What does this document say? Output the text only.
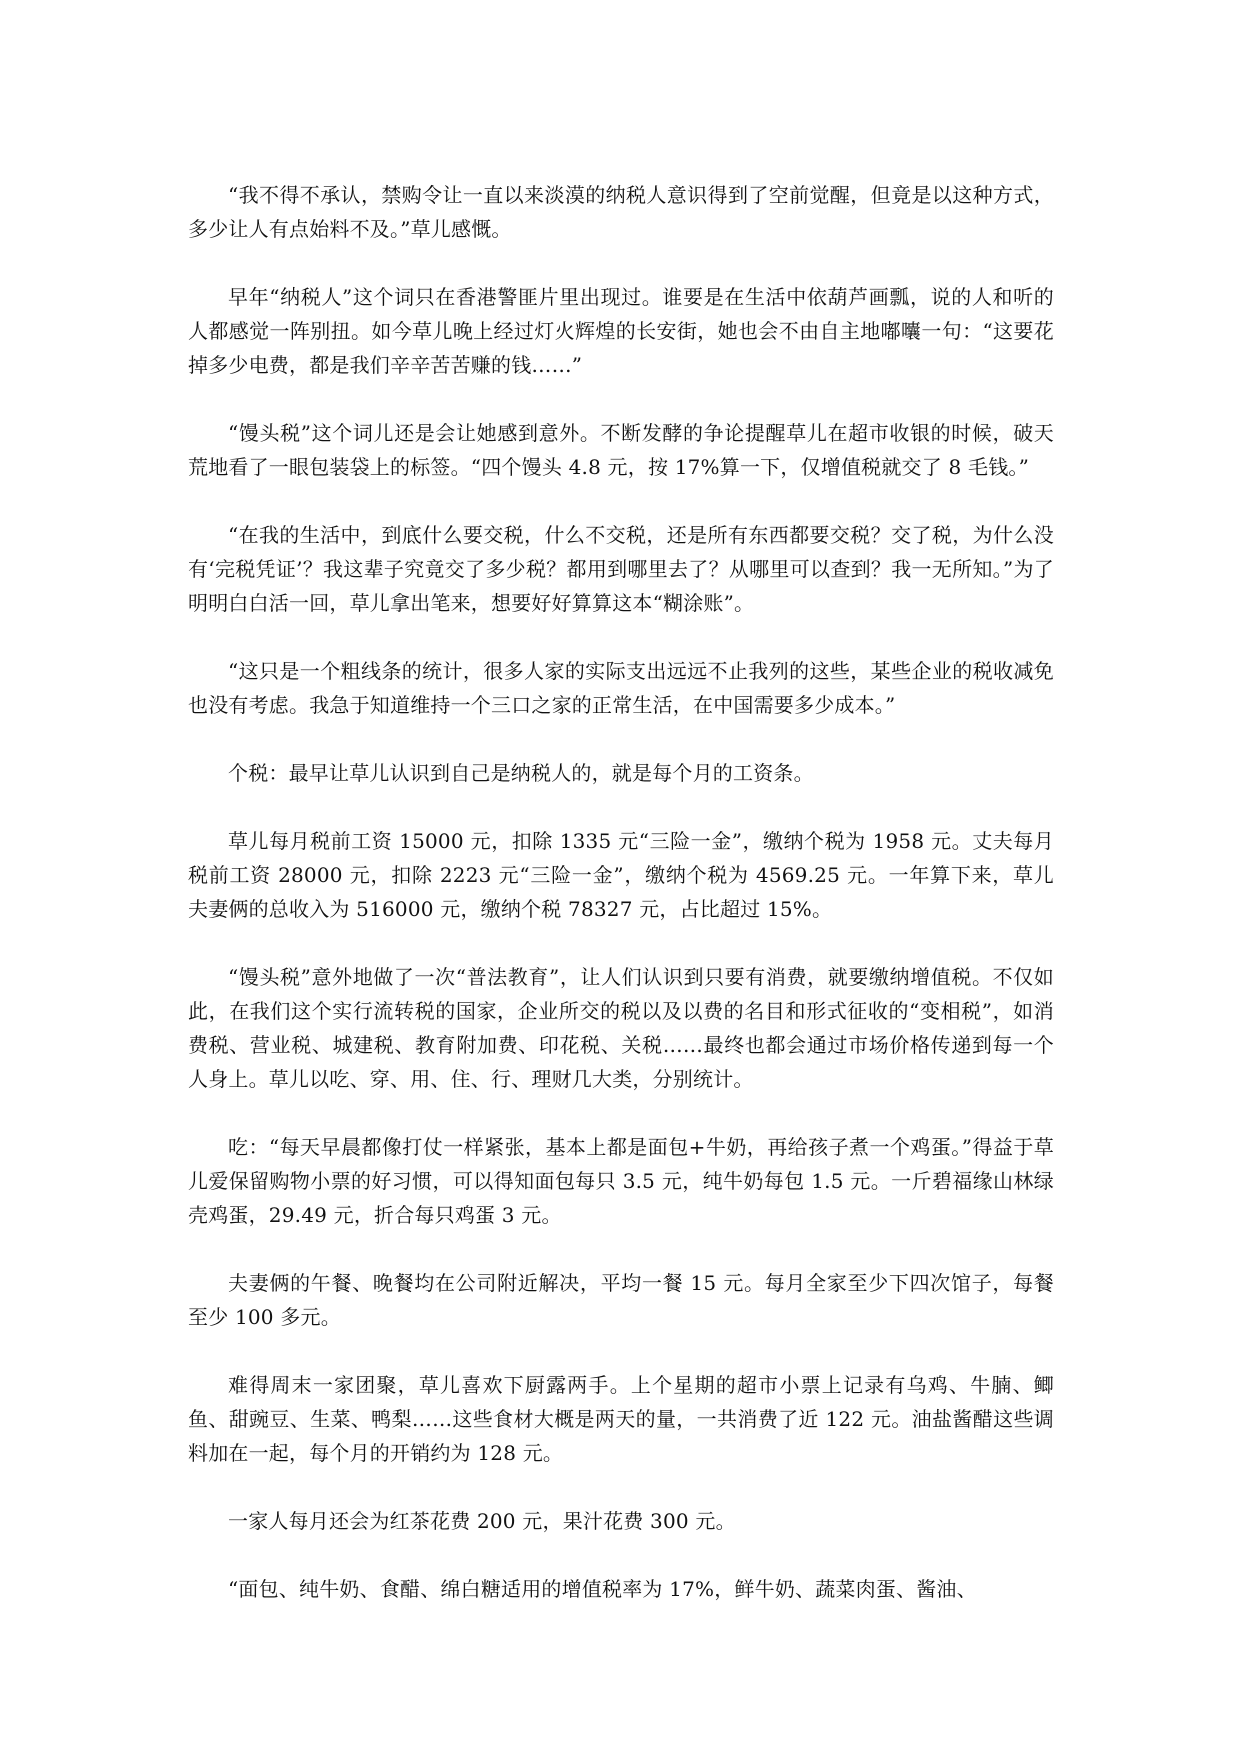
“我不得不承认，禁购令让一直以来淡漠的纳税人意识得到了空前觉醒，但竟是以这种方式，多少让人有点始料不及。”草儿感慨。

早年“纳税人”这个词只在香港警匪片里出现过。谁要是在生活中依葫芦画瓢，说的人和听的人都感觉一阵别扭。如今草儿晚上经过灯火辉煌的长安街，她也会不由自主地嘟囔一句：“这要花掉多少电费，都是我们辛辛苦苦赚的钱……”

“馒头税”这个词儿还是会让她感到意外。不断发酵的争论提醒草儿在超市收银的时候，破天荒地看了一眼包装袋上的标签。“四个馒头 4.8 元，按 17%算一下，仅增值税就交了 8 毛钱。”

“在我的生活中，到底什么要交税，什么不交税，还是所有东西都要交税？交了税，为什么没有‘完税凭证’？我这辈子究竟交了多少税？都用到哪里去了？从哪里可以查到？我一无所知。”为了明明白白活一回，草儿拿出笔来，想要好好算算这本“糊涂账”。

“这只是一个粗线条的统计，很多人家的实际支出远远不止我列的这些，某些企业的税收减免也没有考虑。我急于知道维持一个三口之家的正常生活，在中国需要多少成本。”

个税：最早让草儿认识到自己是纳税人的，就是每个月的工资条。

草儿每月税前工资 15000 元，扣除 1335 元“三险一金”，缴纳个税为 1958 元。丈夫每月税前工资 28000 元，扣除 2223 元“三险一金”，缴纳个税为 4569.25 元。一年算下来，草儿夫妻俩的总收入为 516000 元，缴纳个税 78327 元，占比超过 15%。

“馒头税”意外地做了一次“普法教育”，让人们认识到只要有消费，就要缴纳增值税。不仅如此，在我们这个实行流转税的国家，企业所交的税以及以费的名目和形式征收的“变相税”，如消费税、营业税、城建税、教育附加费、印花税、关税……最终也都会通过市场价格传递到每一个人身上。草儿以吃、穿、用、住、行、理财几大类，分别统计。

吃：“每天早晨都像打仗一样紧张，基本上都是面包+牛奶，再给孩子煮一个鸡蛋。”得益于草儿爱保留购物小票的好习惯，可以得知面包每只 3.5 元，纯牛奶每包 1.5 元。一斤碧福缘山林绿壳鸡蛋，29.49 元，折合每只鸡蛋 3 元。

夫妻俩的午餐、晚餐均在公司附近解决，平均一餐 15 元。每月全家至少下四次馆子，每餐至少 100 多元。

难得周末一家团聚，草儿喜欢下厨露两手。上个星期的超市小票上记录有乌鸡、牛腩、鲫鱼、甜豌豆、生菜、鸭梨……这些食材大概是两天的量，一共消费了近 122 元。油盐酱醋这些调料加在一起，每个月的开销约为 128 元。

一家人每月还会为红茶花费 200 元，果汁花费 300 元。

“面包、纯牛奶、食醋、绵白糖适用的增值税率为 17%，鲜牛奶、蔬菜肉蛋、酱油、
